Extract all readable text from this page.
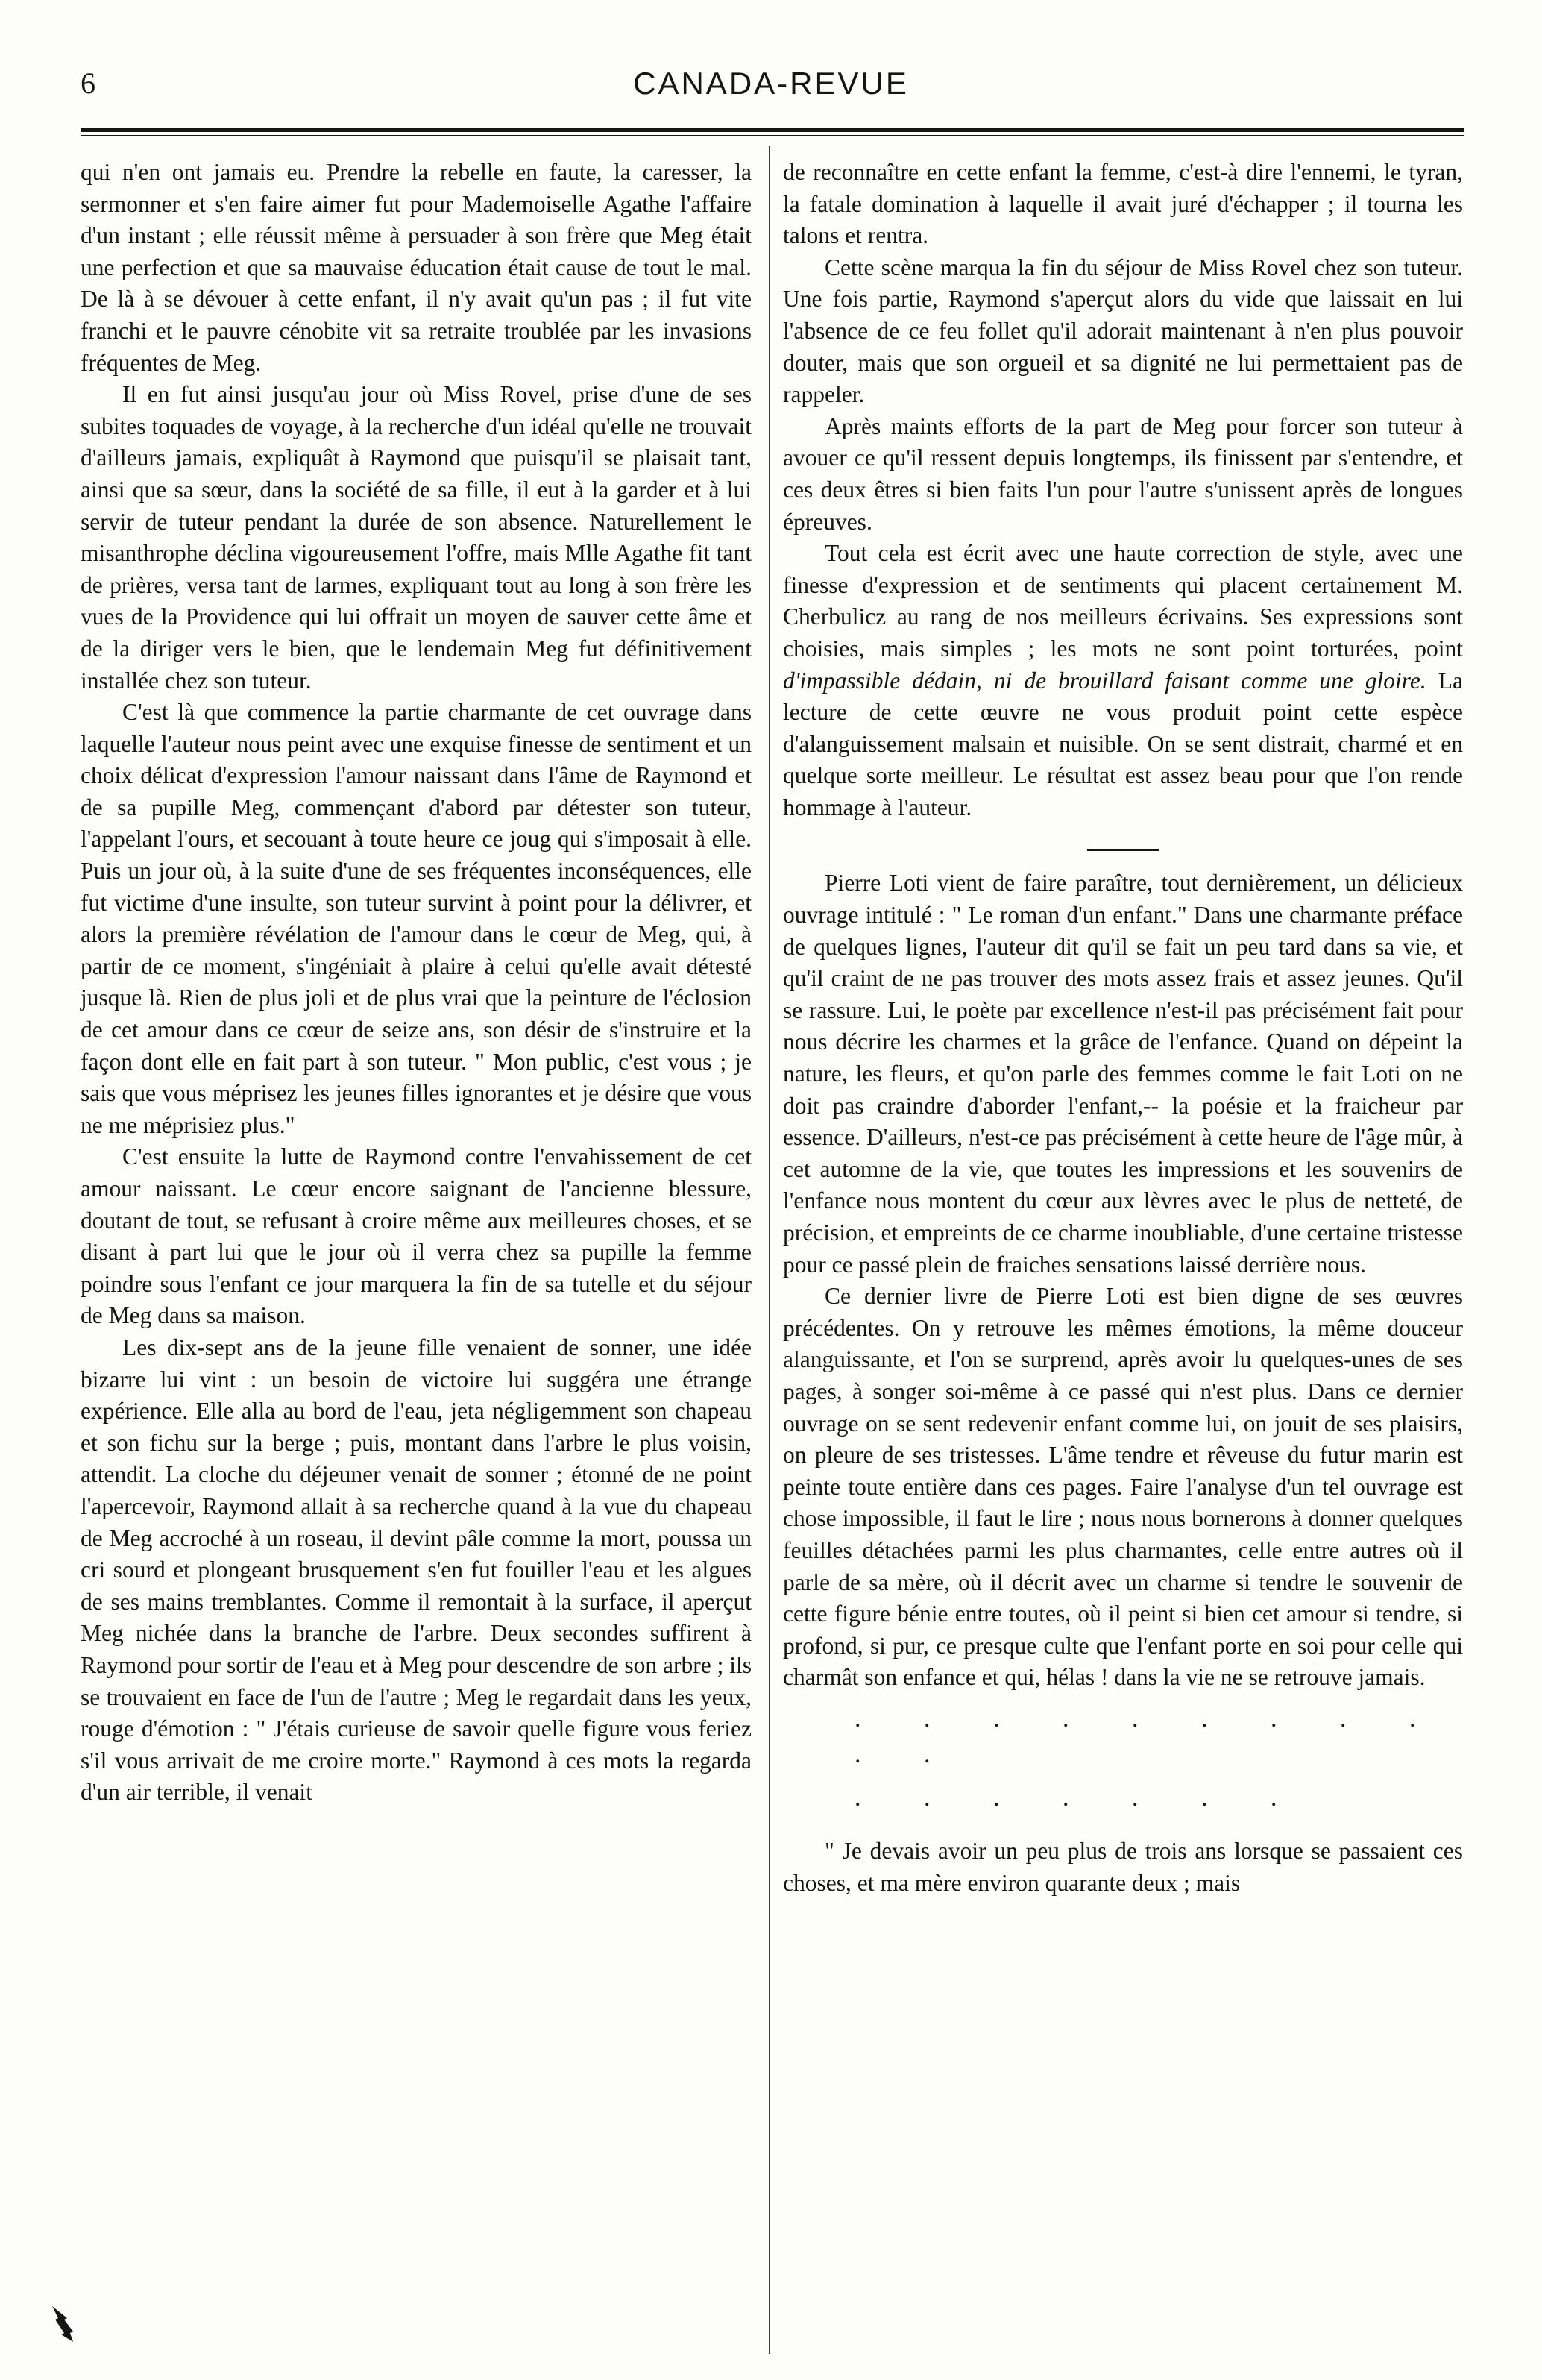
6	CANADA-REVUE

qui n'en ont jamais eu. Prendre la rebelle en faute, la caresser, la sermonner et s'en faire aimer fut pour Mademoiselle Agathe l'affaire d'un instant ; elle réussit même à persuader à son frère que Meg était une perfection et que sa mauvaise éducation était cause de tout le mal. De là à se dévouer à cette enfant, il n'y avait qu'un pas ; il fut vite franchi et le pauvre cénobite vit sa retraite troublée par les invasions fréquentes de Meg.

Il en fut ainsi jusqu'au jour où Miss Rovel, prise d'une de ses subites toquades de voyage, à la recherche d'un idéal qu'elle ne trouvait d'ailleurs jamais, expliquât à Raymond que puisqu'il se plaisait tant, ainsi que sa sœur, dans la société de sa fille, il eut à la garder et à lui servir de tuteur pendant la durée de son absence. Naturellement le misanthrophe déclina vigoureusement l'offre, mais Mlle Agathe fit tant de prières, versa tant de larmes, expliquant tout au long à son frère les vues de la Providence qui lui offrait un moyen de sauver cette âme et de la diriger vers le bien, que le lendemain Meg fut définitivement installée chez son tuteur.

C'est là que commence la partie charmante de cet ouvrage dans laquelle l'auteur nous peint avec une exquise finesse de sentiment et un choix délicat d'expression l'amour naissant dans l'âme de Raymond et de sa pupille Meg, commençant d'abord par détester son tuteur, l'appelant l'ours, et secouant à toute heure ce joug qui s'imposait à elle. Puis un jour où, à la suite d'une de ses fréquentes inconséquences, elle fut victime d'une insulte, son tuteur survint à point pour la délivrer, et alors la première révélation de l'amour dans le cœur de Meg, qui, à partir de ce moment, s'ingéniait à plaire à celui qu'elle avait détesté jusque là. Rien de plus joli et de plus vrai que la peinture de l'éclosion de cet amour dans ce cœur de seize ans, son désir de s'instruire et la façon dont elle en fait part à son tuteur. " Mon public, c'est vous ; je sais que vous méprisez les jeunes filles ignorantes et je désire que vous ne me méprisiez plus."

C'est ensuite la lutte de Raymond contre l'envahissement de cet amour naissant. Le cœur encore saignant de l'ancienne blessure, doutant de tout, se refusant à croire même aux meilleures choses, et se disant à part lui que le jour où il verra chez sa pupille la femme poindre sous l'enfant ce jour marquera la fin de sa tutelle et du séjour de Meg dans sa maison.

Les dix-sept ans de la jeune fille venaient de sonner, une idée bizarre lui vint : un besoin de victoire lui suggéra une étrange expérience. Elle alla au bord de l'eau, jeta négligemment son chapeau et son fichu sur la berge ; puis, montant dans l'arbre le plus voisin, attendit. La cloche du déjeuner venait de sonner ; étonné de ne point l'apercevoir, Raymond allait à sa recherche quand à la vue du chapeau de Meg accroché à un roseau, il devint pâle comme la mort, poussa un cri sourd et plongeant brusquement s'en fut fouiller l'eau et les algues de ses mains tremblantes. Comme il remontait à la surface, il aperçut Meg nichée dans la branche de l'arbre. Deux secondes suffirent à Raymond pour sortir de l'eau et à Meg pour descendre de son arbre ; ils se trouvaient en face de l'un de l'autre ; Meg le regardait dans les yeux, rouge d'émotion : " J'étais curieuse de savoir quelle figure vous feriez s'il vous arrivait de me croire morte." Raymond à ces mots la regarda d'un air terrible, il venait

de reconnaître en cette enfant la femme, c'est-à dire l'ennemi, le tyran, la fatale domination à laquelle il avait juré d'échapper ; il tourna les talons et rentra.

Cette scène marqua la fin du séjour de Miss Rovel chez son tuteur. Une fois partie, Raymond s'aperçut alors du vide que laissait en lui l'absence de ce feu follet qu'il adorait maintenant à n'en plus pouvoir douter, mais que son orgueil et sa dignité ne lui permettaient pas de rappeler.

Après maints efforts de la part de Meg pour forcer son tuteur à avouer ce qu'il ressent depuis longtemps, ils finissent par s'entendre, et ces deux êtres si bien faits l'un pour l'autre s'unissent après de longues épreuves.

Tout cela est écrit avec une haute correction de style, avec une finesse d'expression et de sentiments qui placent certainement M. Cherbulicz au rang de nos meilleurs écrivains. Ses expressions sont choisies, mais simples ; les mots ne sont point torturées, point d'impassible dédain, ni de brouillard faisant comme une gloire. La lecture de cette œuvre ne vous produit point cette espèce d'alanguissement malsain et nuisible. On se sent distrait, charmé et en quelque sorte meilleur. Le résultat est assez beau pour que l'on rende hommage à l'auteur.

Pierre Loti vient de faire paraître, tout dernièrement, un délicieux ouvrage intitulé : " Le roman d'un enfant." Dans une charmante préface de quelques lignes, l'auteur dit qu'il se fait un peu tard dans sa vie, et qu'il craint de ne pas trouver des mots assez frais et assez jeunes. Qu'il se rassure. Lui, le poète par excellence n'est-il pas précisément fait pour nous décrire les charmes et la grâce de l'enfance. Quand on dépeint la nature, les fleurs, et qu'on parle des femmes comme le fait Loti on ne doit pas craindre d'aborder l'enfant,-- la poésie et la fraicheur par essence. D'ailleurs, n'est-ce pas précisément à cette heure de l'âge mûr, à cet automne de la vie, que toutes les impressions et les souvenirs de l'enfance nous montent du cœur aux lèvres avec le plus de netteté, de précision, et empreints de ce charme inoubliable, d'une certaine tristesse pour ce passé plein de fraiches sensations laissé derrière nous.

Ce dernier livre de Pierre Loti est bien digne de ses œuvres précédentes. On y retrouve les mêmes émotions, la même douceur alanguissante, et l'on se surprend, après avoir lu quelques-unes de ses pages, à songer soi-même à ce passé qui n'est plus. Dans ce dernier ouvrage on se sent redevenir enfant comme lui, on jouit de ses plaisirs, on pleure de ses tristesses. L'âme tendre et rêveuse du futur marin est peinte toute entière dans ces pages. Faire l'analyse d'un tel ouvrage est chose impossible, il faut le lire ; nous nous bornerons à donner quelques feuilles détachées parmi les plus charmantes, celle entre autres où il parle de sa mère, où il décrit avec un charme si tendre le souvenir de cette figure bénie entre toutes, où il peint si bien cet amour si tendre, si profond, si pur, ce presque culte que l'enfant porte en soi pour celle qui charmât son enfance et qui, hélas ! dans la vie ne se retrouve jamais.

. . . . . . . . . . .
. . . . . . .

" Je devais avoir un peu plus de trois ans lorsque se passaient ces choses, et ma mère environ quarante deux ; mais
